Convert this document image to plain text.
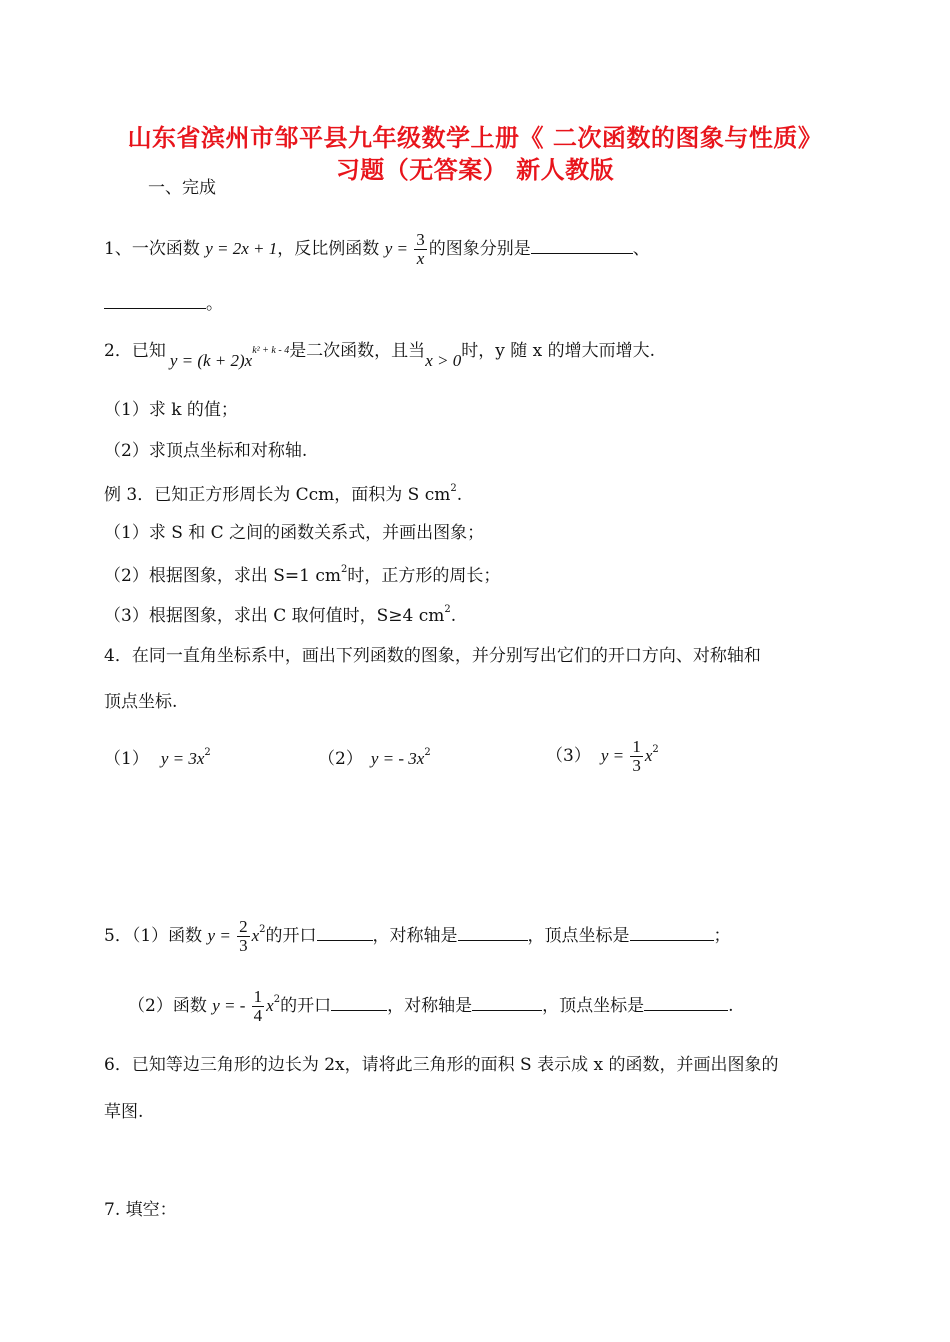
山东省滨州市邹平县九年级数学上册《 二次函数的图象与性质》
习题（无答案） 新人教版
一、完成
1、一次函数 y = 2x + 1，反比例函数 $y = \frac{3}{x}$ 的图象分别是	、
。
2．已知 $y = (k + 2)x^{k^2 + k - 4}$是二次函数，且当x > 0时，y 随 x 的增大而增大.
（1）求 k 的值；
（2）求顶点坐标和对称轴.
例 3．已知正方形周长为 Ccm，面积为 S $cm^2$.
（1）求 S 和 C 之间的函数关系式，并画出图象；
（2）根据图象，求出 S=1 $cm^2$时，正方形的周长；
（3）根据图象，求出 C 取何值时，S≥4 $cm^2$.
4．在同一直角坐标系中，画出下列函数的图象，并分别写出它们的开口方向、对称轴和
顶点坐标.
（1） $y = 3x^2$	（2） y = - $3x^2$	（3） $y = \frac{1}{3} x^2$
5．（1）函数 $y = \frac{2}{3} x^2$的开口	，对称轴是	，顶点坐标是	；
（2）函数 y = - $\frac{1}{4} x^2$的开口	，对称轴是	，顶点坐标是	.
6．已知等边三角形的边长为 2x，请将此三角形的面积 S 表示成 x 的函数，并画出图象的
草图.
7. 填空：
